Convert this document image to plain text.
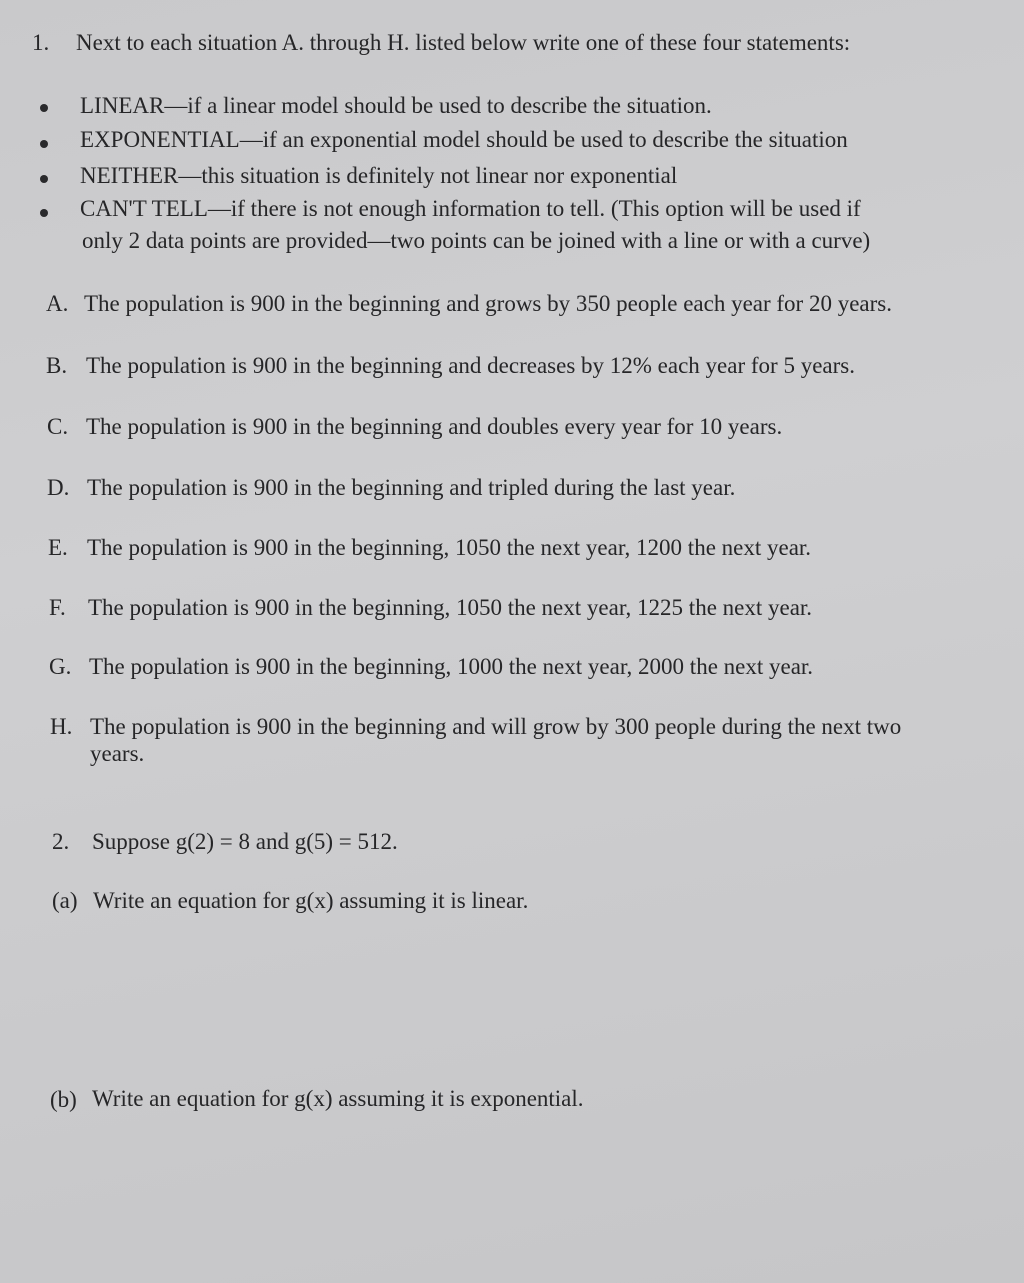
1. Next to each situation A. through H. listed below write one of these four statements:
LINEAR—if a linear model should be used to describe the situation.
EXPONENTIAL—if an exponential model should be used to describe the situation
NEITHER—this situation is definitely not linear nor exponential
CAN'T TELL—if there is not enough information to tell. (This option will be used if
only 2 data points are provided—two points can be joined with a line or with a curve)
A. The population is 900 in the beginning and grows by 350 people each year for 20 years.
B. The population is 900 in the beginning and decreases by 12% each year for 5 years.
C. The population is 900 in the beginning and doubles every year for 10 years.
D. The population is 900 in the beginning and tripled during the last year.
E. The population is 900 in the beginning, 1050 the next year, 1200 the next year.
F. The population is 900 in the beginning, 1050 the next year, 1225 the next year.
G. The population is 900 in the beginning, 1000 the next year, 2000 the next year.
H. The population is 900 in the beginning and will grow by 300 people during the next two
years.
2. Suppose g(2) = 8 and g(5) = 512.
(a) Write an equation for g(x) assuming it is linear.
(b) Write an equation for g(x) assuming it is exponential.
